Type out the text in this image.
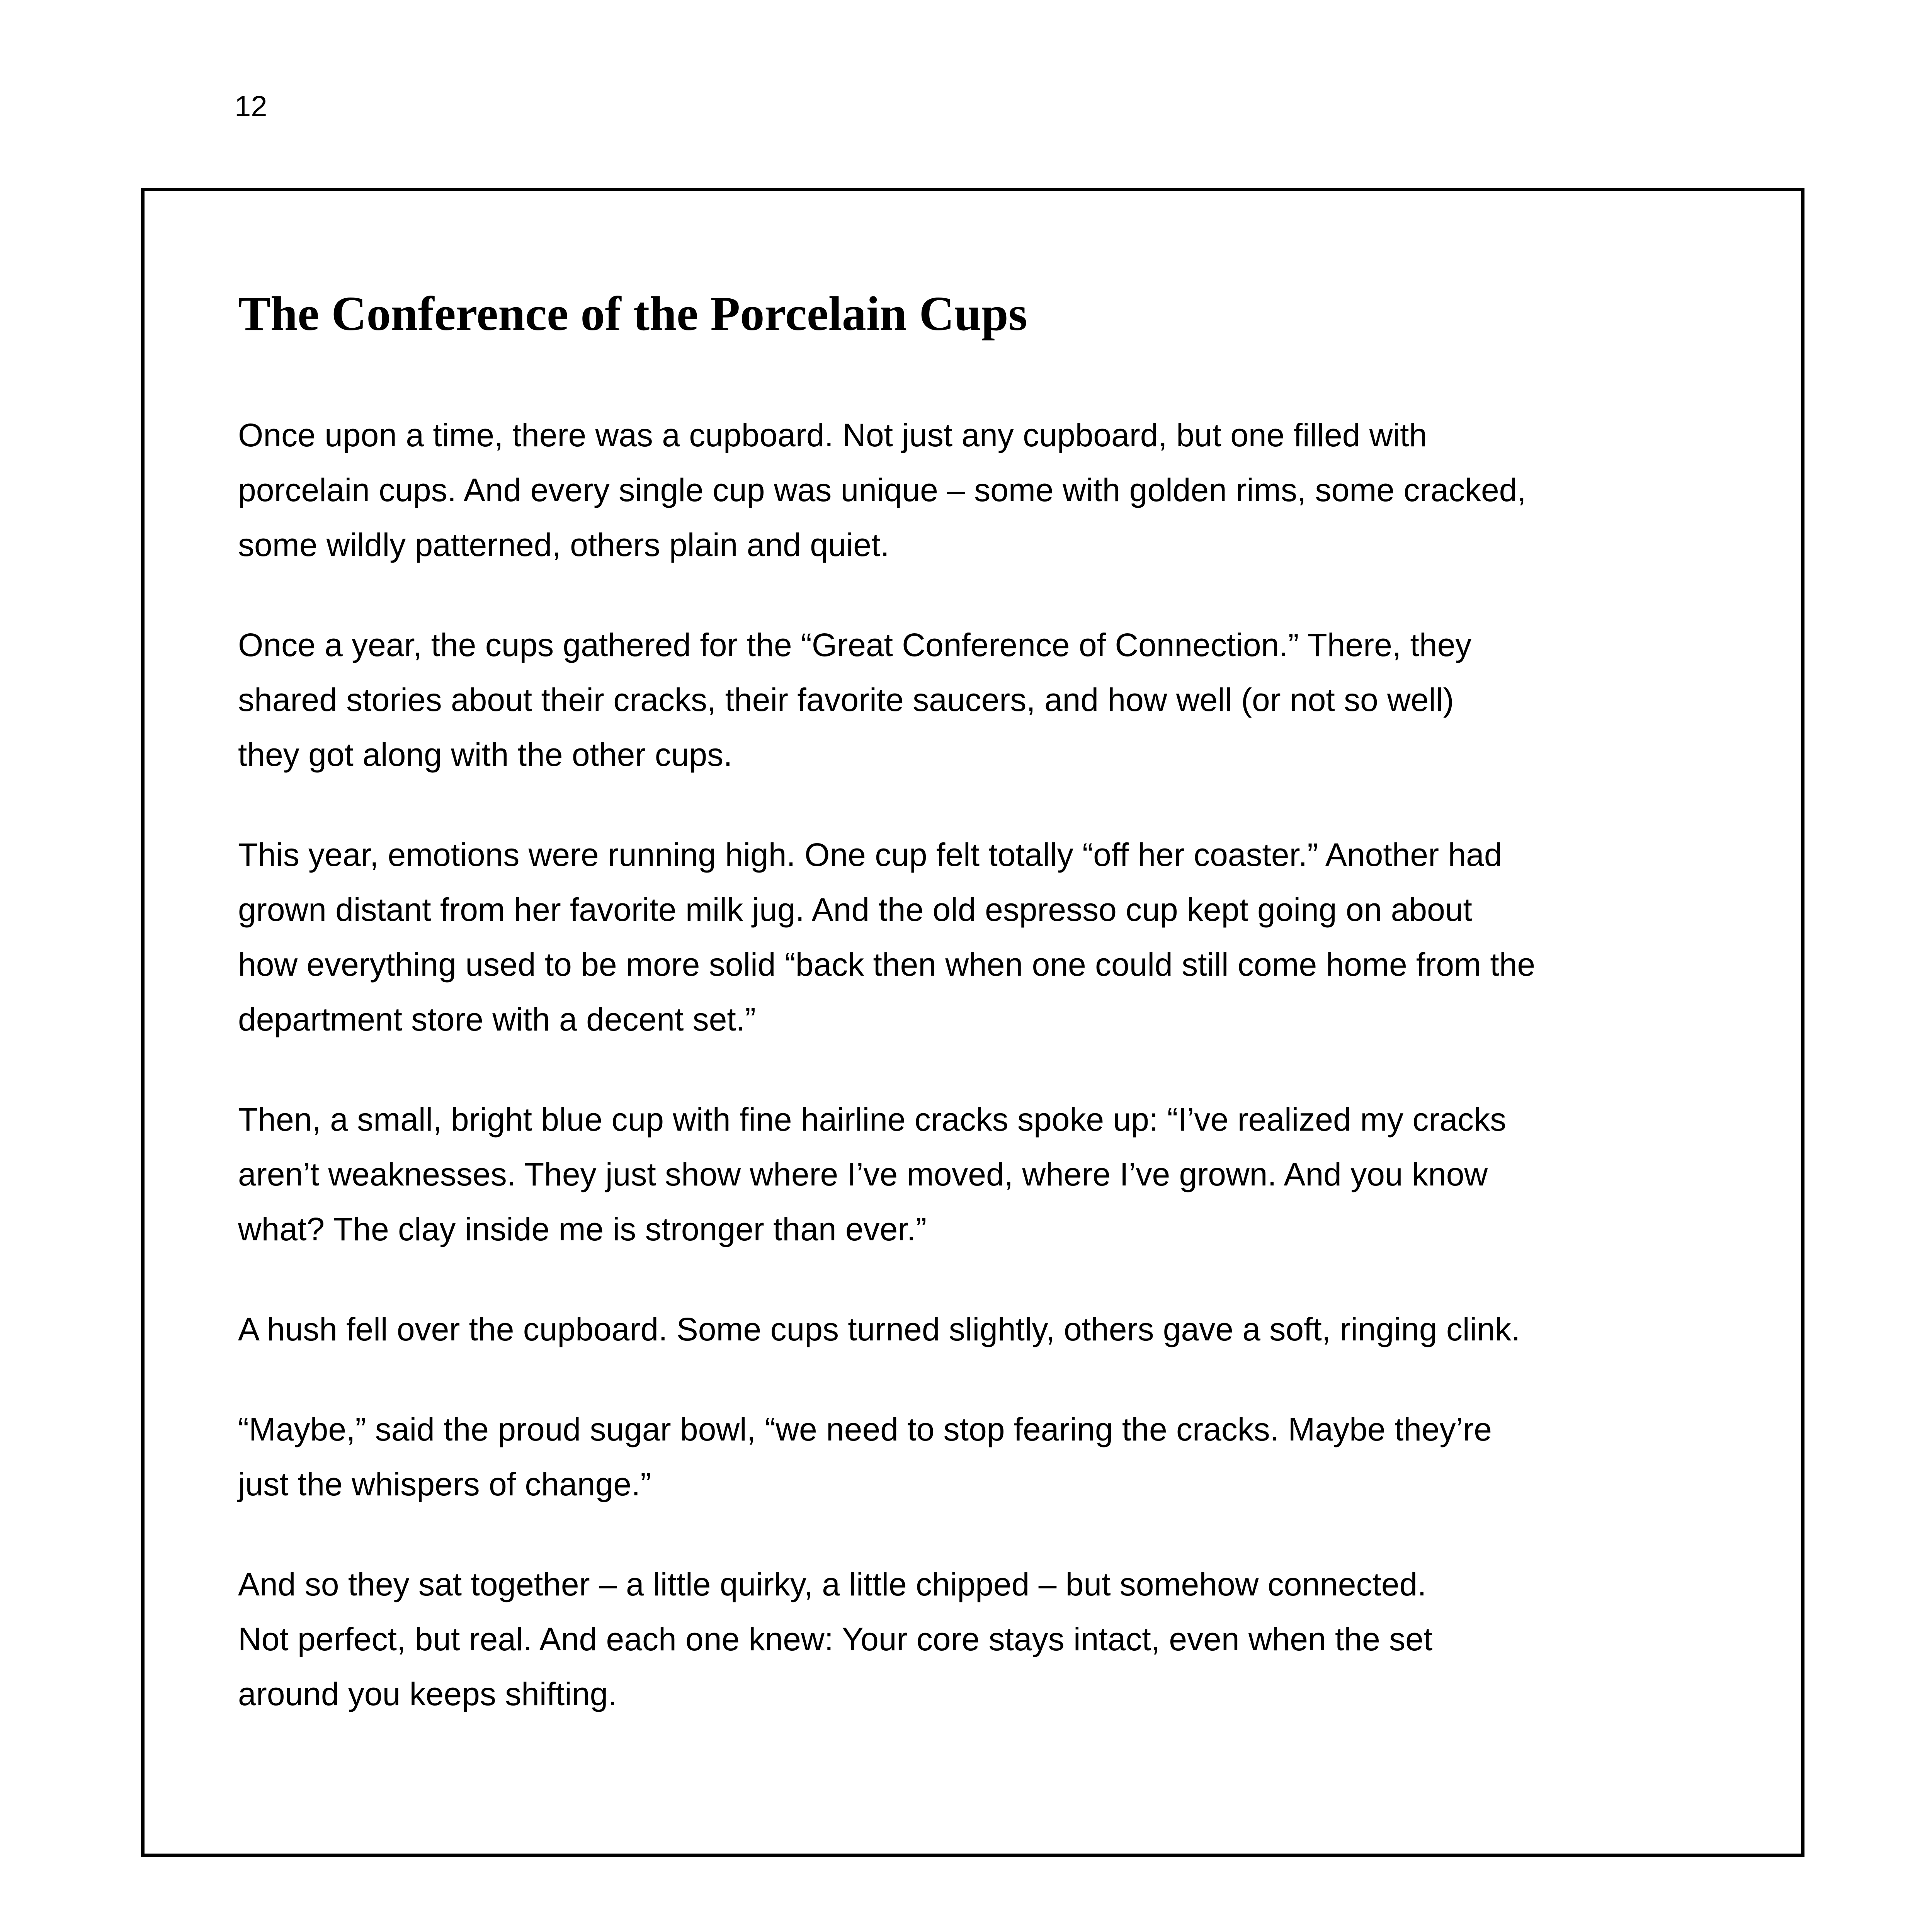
12
The Conference of the Porcelain Cups

Once upon a time, there was a cupboard. Not just any cupboard, but one filled with
porcelain cups. And every single cup was unique – some with golden rims, some cracked,
some wildly patterned, others plain and quiet.

Once a year, the cups gathered for the “Great Conference of Connection.” There, they
shared stories about their cracks, their favorite saucers, and how well (or not so well)
they got along with the other cups.

This year, emotions were running high. One cup felt totally “off her coaster.” Another had
grown distant from her favorite milk jug. And the old espresso cup kept going on about
how everything used to be more solid “back then when one could still come home from the
department store with a decent set.”

Then, a small, bright blue cup with fine hairline cracks spoke up: “I’ve realized my cracks
aren’t weaknesses. They just show where I’ve moved, where I’ve grown. And you know
what? The clay inside me is stronger than ever.”

A hush fell over the cupboard. Some cups turned slightly, others gave a soft, ringing clink.

“Maybe,” said the proud sugar bowl, “we need to stop fearing the cracks. Maybe they’re
just the whispers of change.”

And so they sat together – a little quirky, a little chipped – but somehow connected.
Not perfect, but real. And each one knew: Your core stays intact, even when the set
around you keeps shifting.
